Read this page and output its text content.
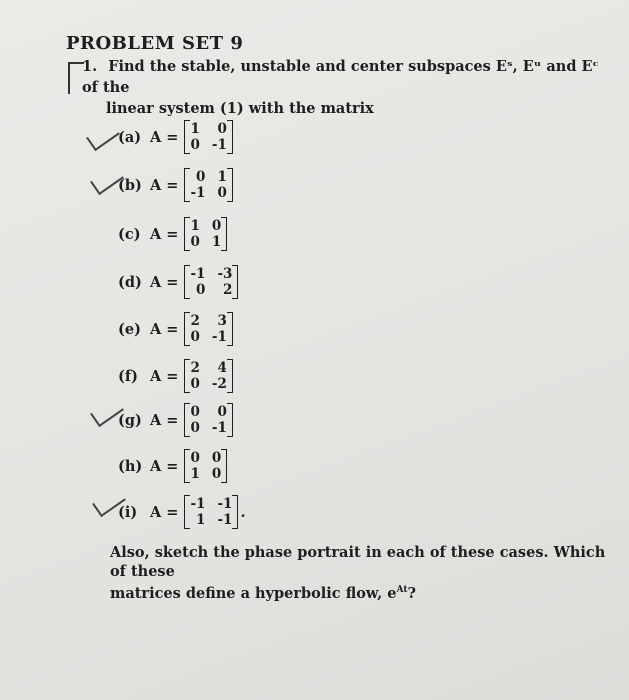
PROBLEM SET 9
1. Find the stable, unstable and center subspaces Eˢ, Eᵘ and Eᶜ of the
linear system (1) with the matrix
(a) A = 1	0
0 -1
(b) A =	0 1
-1 0
(c) A = 1 0
0 1
(d) A = -1 -3
0	2
(e) A = 2	3
0 -1
(f) A = 2	4
0 -2
(g) A = 0	0
0 -1
(h) A = 0 0
1 0
(i) A = -1 -1
1 -1 .
Also, sketch the phase portrait in each of these cases. Which of these
matrices define a hyperbolic flow, $e^{At}$?
